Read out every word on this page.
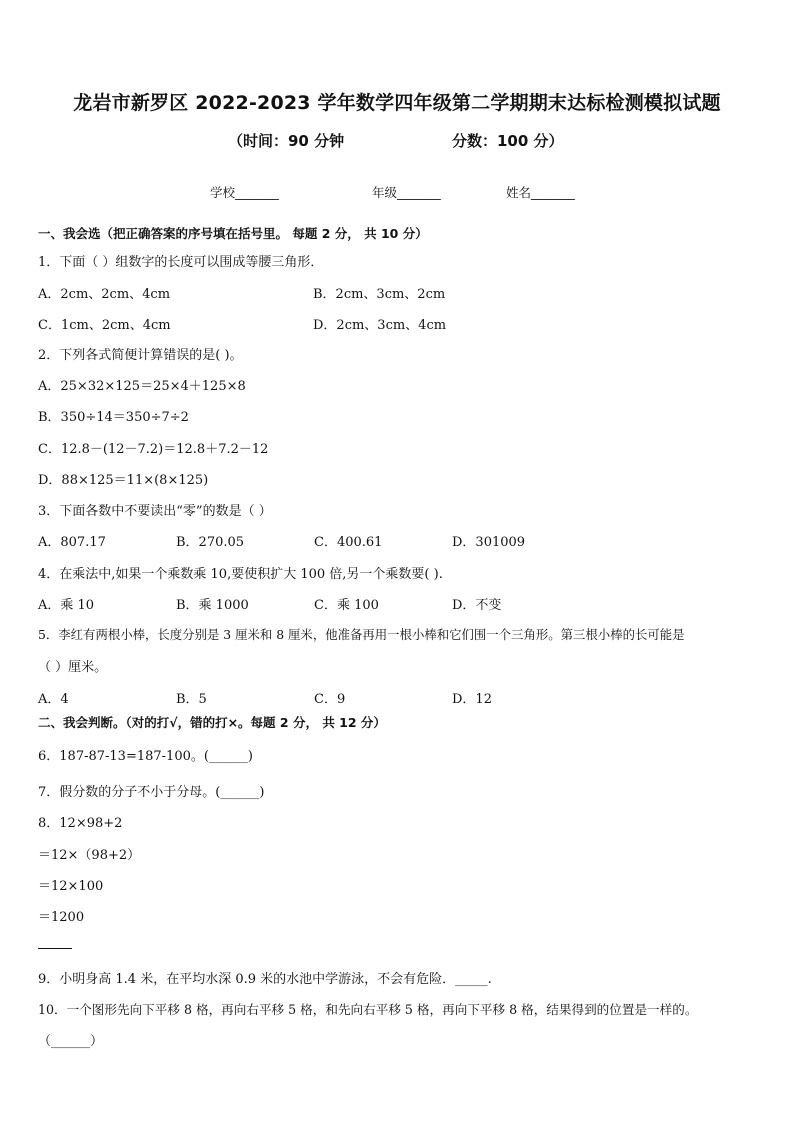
龙岩市新罗区 2022-2023 学年数学四年级第二学期期末达标检测模拟试题
（时间：90 分钟	分数：100 分）
学校_______	年级_______	姓名_______
一、我会选（把正确答案的序号填在括号里。 每题 2 分， 共 10 分）
1．下面（ ）组数字的长度可以围成等腰三角形．
A．2cm、2cm、4cm	B．2cm、3cm、2cm
C．1cm、2cm、4cm	D．2cm、3cm、4cm
2．下列各式简便计算错误的是( )。
A．25×32×125＝25×4＋125×8
B．350÷14＝350÷7÷2
C．12.8－(12－7.2)＝12.8＋7.2－12
D．88×125＝11×(8×125)
3．下面各数中不要读出“零”的数是（ ）
A．807.17	B．270.05	C．400.61	D．301009
4．在乘法中,如果一个乘数乘 10,要使积扩大 100 倍,另一个乘数要( ).
A．乘 10	B．乘 1000	C．乘 100	D．不变
5．李红有两根小棒，长度分别是 3 厘米和 8 厘米，他准备再用一根小棒和它们围一个三角形。第三根小棒的长可能是
（ ）厘米。
A．4	B．5	C．9	D．12
二、我会判断。（对的打√，错的打×。每题 2 分， 共 12 分）
6．187-87-13=187-100。(______)
7．假分数的分子不小于分母。(______)
8．12×98+2
＝12×（98+2）
＝12×100
＝1200
9．小明身高 1.4 米，在平均水深 0.9 米的水池中学游泳，不会有危险．_____.
10．一个图形先向下平移 8 格，再向右平移 5 格，和先向右平移 5 格，再向下平移 8 格，结果得到的位置是一样的。
（______）
